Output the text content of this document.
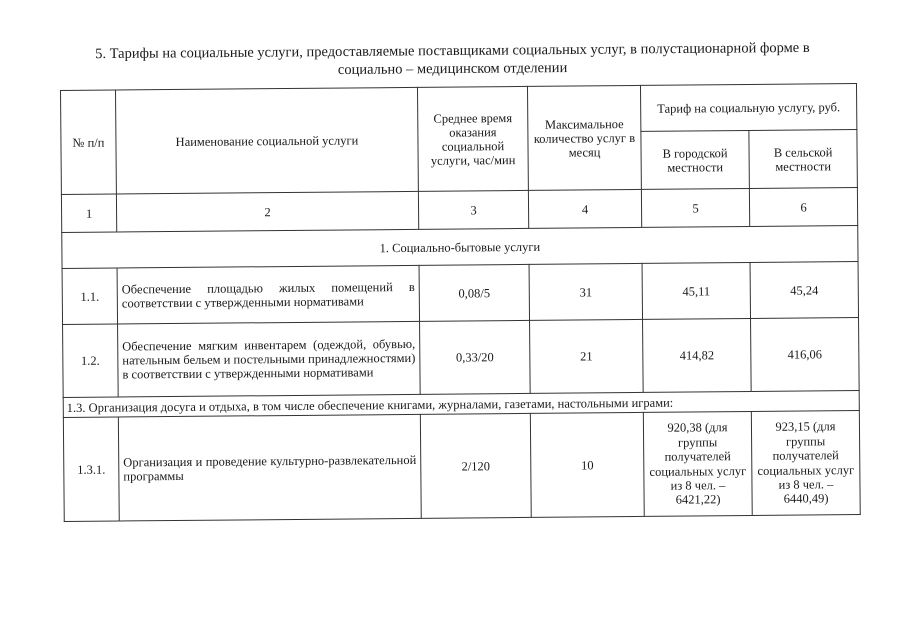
5. Тарифы на социальные услуги, предоставляемые поставщиками социальных услуг, в полустационарной форме в
социально – медицинском отделении
№ п/п	Наименование социальной услуги	Среднее время оказания социальной услуги, час/мин	Максимальное количество услуг в месяц	Тариф на социальную услугу, руб.	
				В городской местности	В сельской местности
1	2	3	4	5	6
1. Социально-бытовые услуги					
1.1.	Обеспечение площадью жилых помещений в соответствии с утвержденными нормативами	0,08/5	31	45,11	45,24
1.2.	Обеспечение мягким инвентарем (одеждой, обувью, нательным бельем и постельными принадлежностями) в соответствии с утвержденными нормативами	0,33/20	21	414,82	416,06
1.3. Организация досуга и отдыха, в том числе обеспечение книгами, журналами, газетами, настольными играми:					
1.3.1.	Организация и проведение культурно-развлекательной программы	2/120	10	920,38 (для группы получателей социальных услуг из 8 чел. – 6421,22)	923,15 (для группы получателей социальных услуг из 8 чел. – 6440,49)
